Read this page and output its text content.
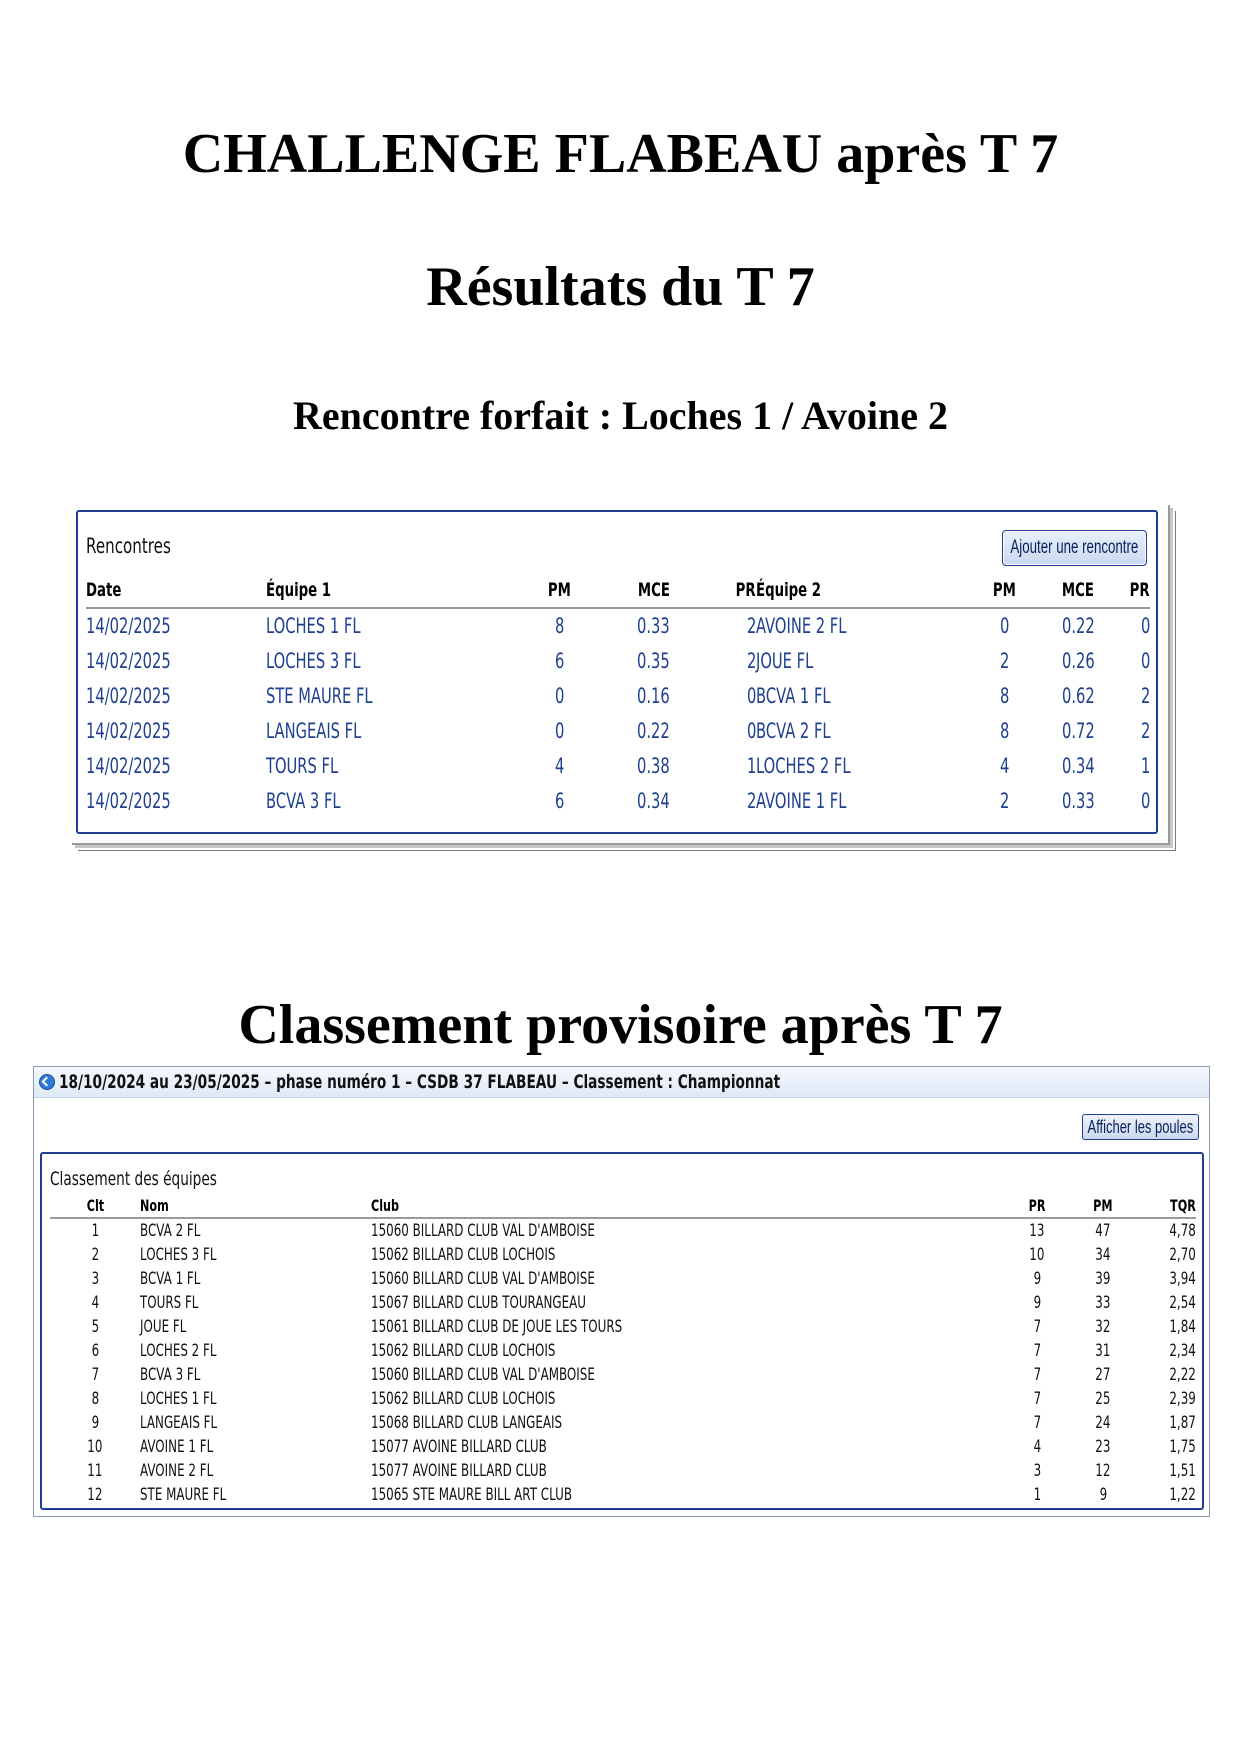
CHALLENGE FLABEAU après T 7
Résultats du T 7
Rencontre forfait : Loches 1 / Avoine 2
Rencontres	Ajouter une rencontre
Date	Équipe 1	PM	MCE	PR	Équipe 2	PM	MCE	PR
14/02/2025	LOCHES 1 FL	8	0.33	2	AVOINE 2 FL	0	0.22	0
14/02/2025	LOCHES 3 FL	6	0.35	2	JOUE FL	2	0.26	0
14/02/2025	STE MAURE FL	0	0.16	0	BCVA 1 FL	8	0.62	2
14/02/2025	LANGEAIS FL	0	0.22	0	BCVA 2 FL	8	0.72	2
14/02/2025	TOURS FL	4	0.38	1	LOCHES 2 FL	4	0.34	1
14/02/2025	BCVA 3 FL	6	0.34	2	AVOINE 1 FL	2	0.33	0
Classement provisoire après T 7
18/10/2024 au 23/05/2025 – phase numéro 1 – CSDB 37 FLABEAU – Classement : Championnat
Afficher les poules
Classement des équipes
Clt	Nom	Club	PR	PM	TQR
1	BCVA 2 FL	15060 BILLARD CLUB VAL D'AMBOISE	13	47	4,78
2	LOCHES 3 FL	15062 BILLARD CLUB LOCHOIS	10	34	2,70
3	BCVA 1 FL	15060 BILLARD CLUB VAL D'AMBOISE	9	39	3,94
4	TOURS FL	15067 BILLARD CLUB TOURANGEAU	9	33	2,54
5	JOUE FL	15061 BILLARD CLUB DE JOUE LES TOURS	7	32	1,84
6	LOCHES 2 FL	15062 BILLARD CLUB LOCHOIS	7	31	2,34
7	BCVA 3 FL	15060 BILLARD CLUB VAL D'AMBOISE	7	27	2,22
8	LOCHES 1 FL	15062 BILLARD CLUB LOCHOIS	7	25	2,39
9	LANGEAIS FL	15068 BILLARD CLUB LANGEAIS	7	24	1,87
10	AVOINE 1 FL	15077 AVOINE BILLARD CLUB	4	23	1,75
11	AVOINE 2 FL	15077 AVOINE BILLARD CLUB	3	12	1,51
12	STE MAURE FL	15065 STE MAURE BILL ART CLUB	1	9	1,22
